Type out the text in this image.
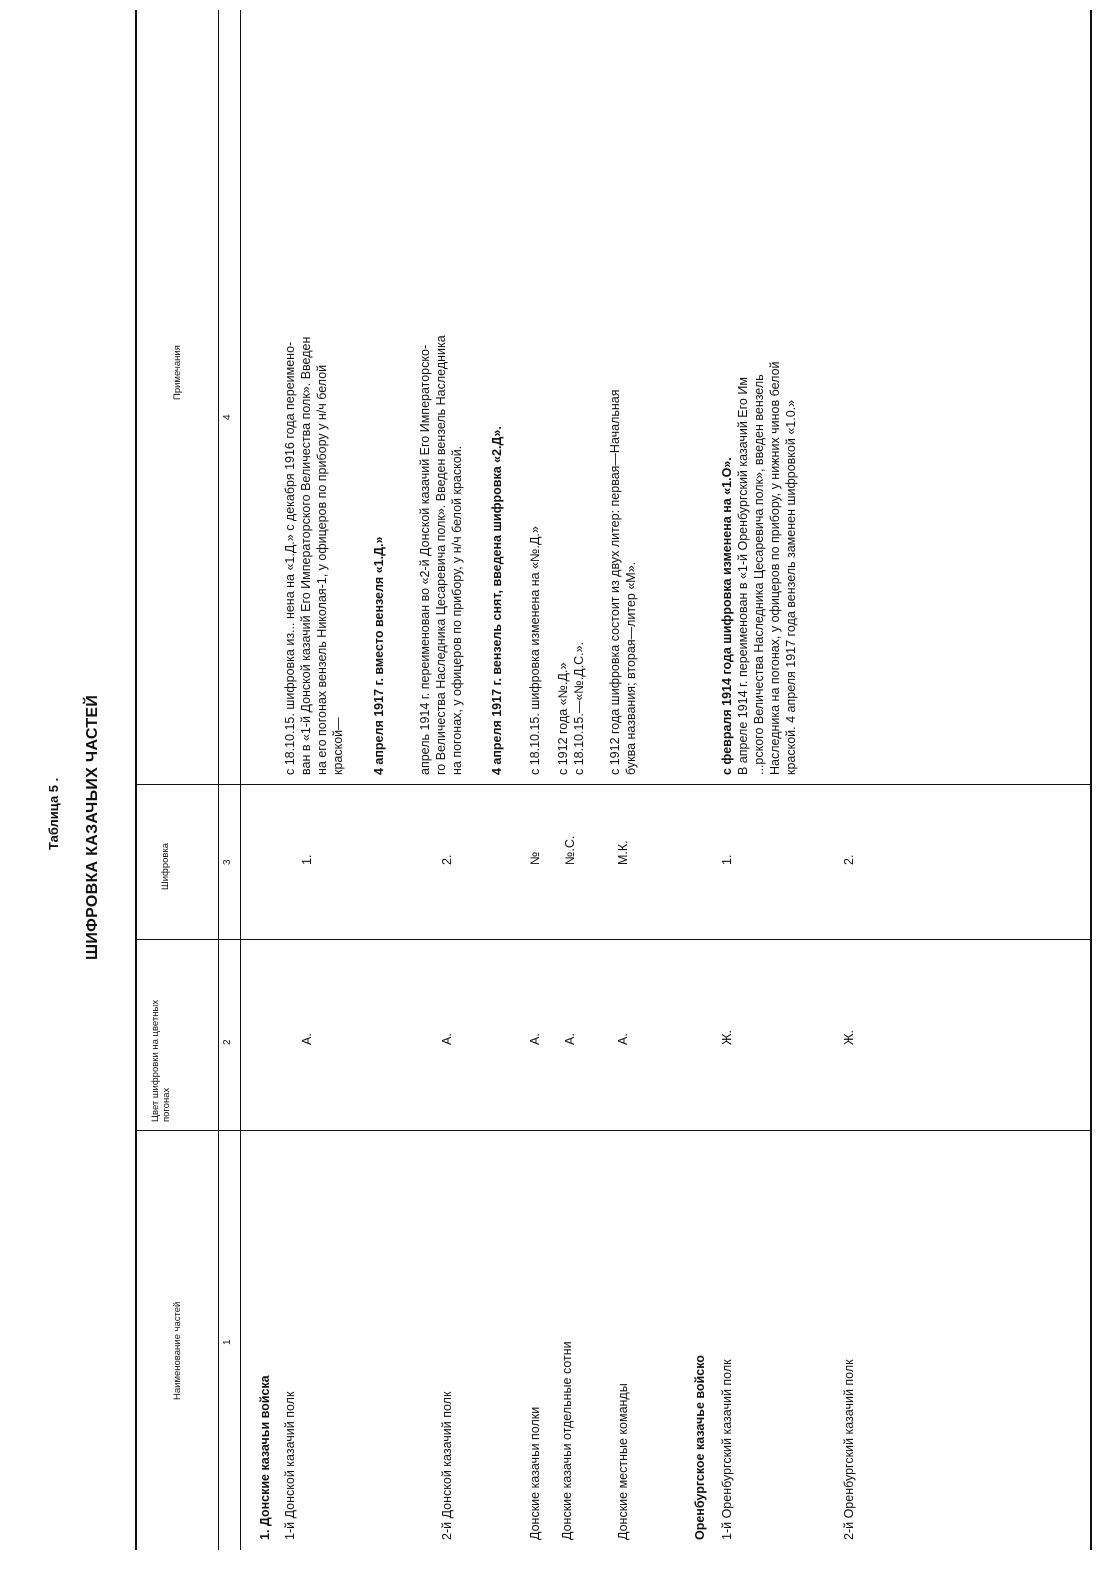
Таблица 5 . ШИФРОВКА КАЗАЧЬИХ ЧАСТЕЙ
Наименование частей
Цвет шифровки на цветных погонах
Шифровка
Примечания
1
2
3
4
1. Донские казачьи войска 1-й Донской казачий полк
А.
1.
с 18.10.15. шифровка из... нена на «1.Д.» с декабря 1916 года переимено- ван в «1-й Донской казачий Его Императорского Величества полк». Введен на его погонах вензель Николая-1, у офицеров по прибору у н/ч белой краской— 4 апреля 1917 г. вместо вензеля «1.Д.»
2-й Донской казачий полк
А.
2.
апрель 1914 г. переименован во «2-й Донской казачий Его Императорско- го Величества Наследника Цесаревича полк». Введен вензель Наследника на погонах, у офицеров по прибору, у н/ч белой краской. 4 апреля 1917 г. вензель снят, введена шифровка «2.Д».
Донские казачьи полки
А.
№
с 18.10.15. шифровка изменена на «№.Д.»
Донские казачьи отдельные сотни
А.
№.С.
с 1912 года «№.Д.» с 18.10.15.—«№.Д.С.».
Донские местные команды
А.
М.К.
с 1912 года шифровка состоит из двух литер: первая—Начальная буква названия; вторая—литер «М».
Оренбургское казачье войско 1-й Оренбургский казачий полк
Ж.
1.
с февраля 1914 года шифровка изменена на «1.О». В апреле 1914 г. переименован в «1-й Оренбургский казачий Его Им ...рского Величества Наследника Цесаревича полк», введен вензель Наследника на погонах, у офицеров по прибору, у нижних чинов белой краской. 4 апреля 1917 года вензель заменен шифровкой «1.0.»
2-й Оренбургский казачий полк
Ж.
2.
